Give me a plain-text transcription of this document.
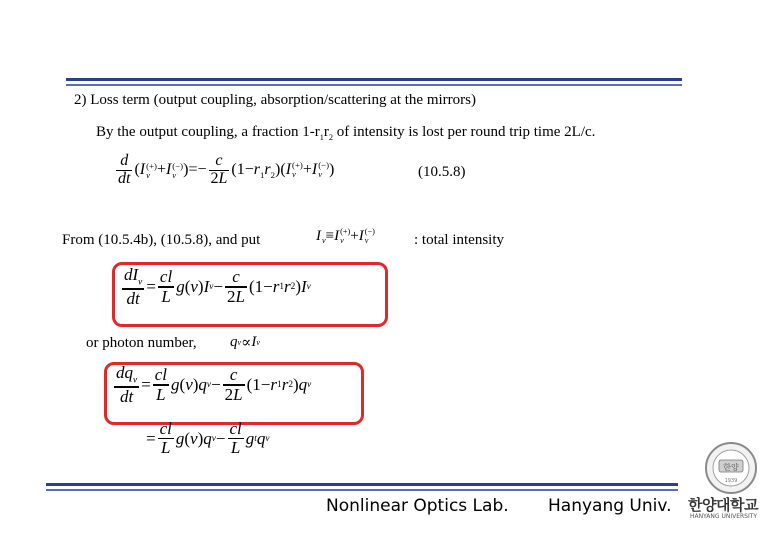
2) Loss term (output coupling, absorption/scattering at the mirrors)
By the output coupling, a fraction $1-r_1r_2$ of intensity is lost per round trip time 2L/c.
$\frac{d}{dt} (I$ (+)
ν +I (−)
ν )=− $\frac{c}{2L} (1-r_1r_2)(I$ (+)
ν +I (−)
ν )	(10.5.8)
From (10.5.4b), (10.5.8), and put	I
ν ≡ I (+)
ν + I (−)
ν	: total intensity
$\frac{dI_\nu}{dt} = \frac{cl}{L}$ g ( ν ) I $\nu - \frac{c}{2L} (1- r$ 1 r 2 ) I ν
or photon number, q ν ∝ I ν
$\frac{dq_\nu}{dt} = \frac{cl}{L}$ g ( ν ) q $\nu - \frac{c}{2L} (1- r$ 1 r 2 ) q ν
= $\frac{cl}{L}$ g ( ν ) q $\nu - \frac{cl}{L}$ g t q ν
Nonlinear Optics Lab. Hanyang Univ.
한양
1939
한양대학교
HANYANG UNIVERSITY
